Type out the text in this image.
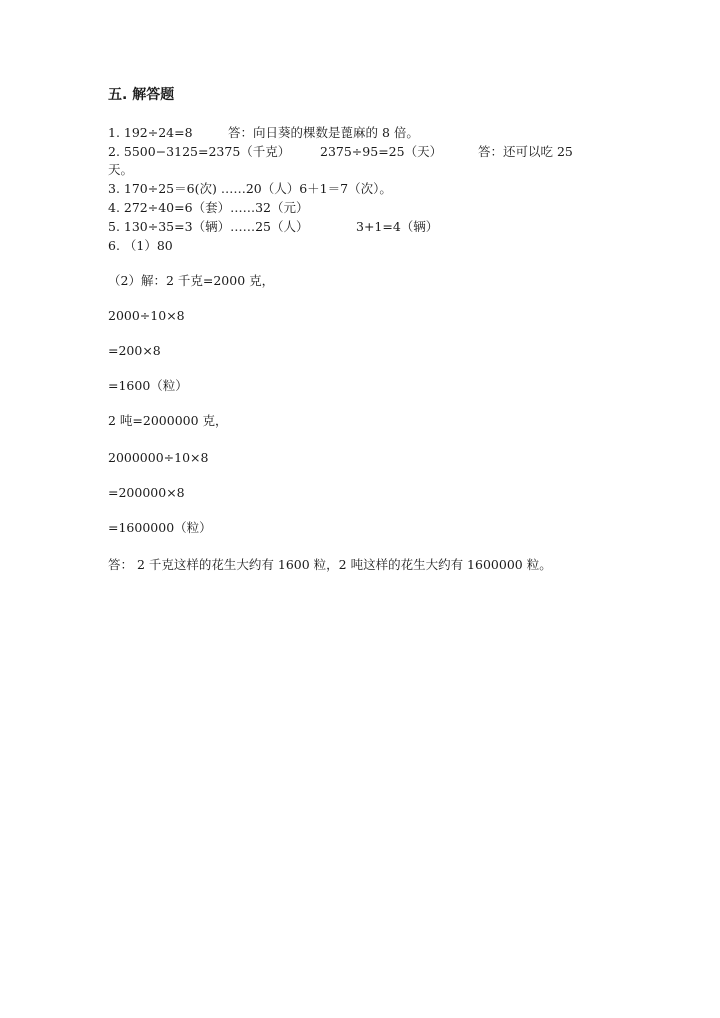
五. 解答题
1. 192÷24=8	答：向日葵的棵数是蓖麻的 8 倍。
2. 5500−3125=2375（千克） 2375÷95=25（天）	答：还可以吃 25
天。
3. 170÷25＝6(次) ……20（人）6＋1＝7（次）。
4. 272÷40=6（套）……32（元）
5. 130÷35=3（辆）……25（人）	3+1=4（辆）
6. （1）80
（2）解：2 千克=2000 克，
2000÷10×8
=200×8
=1600（粒）
2 吨=2000000 克，
2000000÷10×8
=200000×8
=1600000（粒）
答： 2 千克这样的花生大约有 1600 粒，2 吨这样的花生大约有 1600000 粒。
